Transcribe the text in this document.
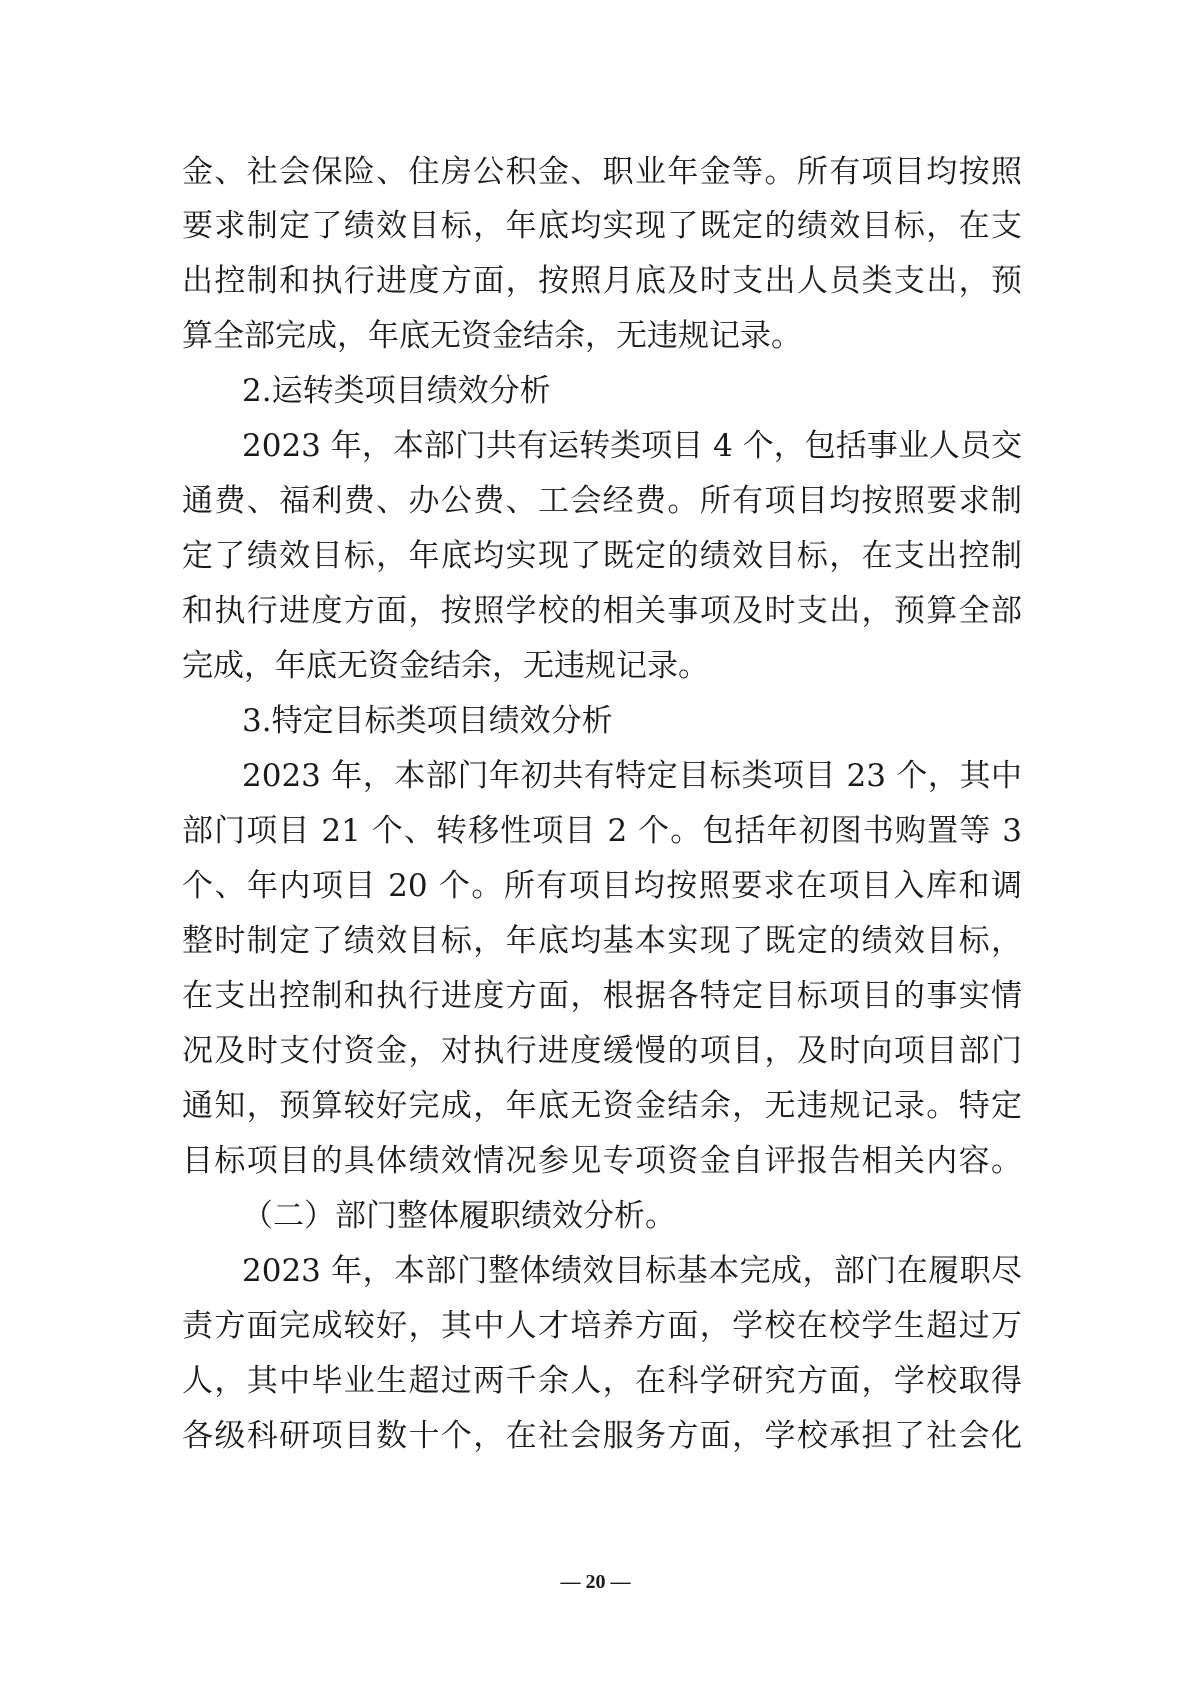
金、社会保险、住房公积金、职业年金等。所有项目均按照
要求制定了绩效目标，年底均实现了既定的绩效目标，在支
出控制和执行进度方面，按照月底及时支出人员类支出，预
算全部完成，年底无资金结余，无违规记录。
2.运转类项目绩效分析
2023 年，本部门共有运转类项目 4 个，包括事业人员交
通费、福利费、办公费、工会经费。所有项目均按照要求制
定了绩效目标，年底均实现了既定的绩效目标，在支出控制
和执行进度方面，按照学校的相关事项及时支出，预算全部
完成，年底无资金结余，无违规记录。
3.特定目标类项目绩效分析
2023 年，本部门年初共有特定目标类项目 23 个，其中
部门项目 21 个、转移性项目 2 个。包括年初图书购置等 3
个、年内项目 20 个。所有项目均按照要求在项目入库和调
整时制定了绩效目标，年底均基本实现了既定的绩效目标，
在支出控制和执行进度方面，根据各特定目标项目的事实情
况及时支付资金，对执行进度缓慢的项目，及时向项目部门
通知，预算较好完成，年底无资金结余，无违规记录。特定
目标项目的具体绩效情况参见专项资金自评报告相关内容。
（二）部门整体履职绩效分析。
2023 年，本部门整体绩效目标基本完成，部门在履职尽
责方面完成较好，其中人才培养方面，学校在校学生超过万
人，其中毕业生超过两千余人，在科学研究方面，学校取得
各级科研项目数十个，在社会服务方面，学校承担了社会化
— 20 —
